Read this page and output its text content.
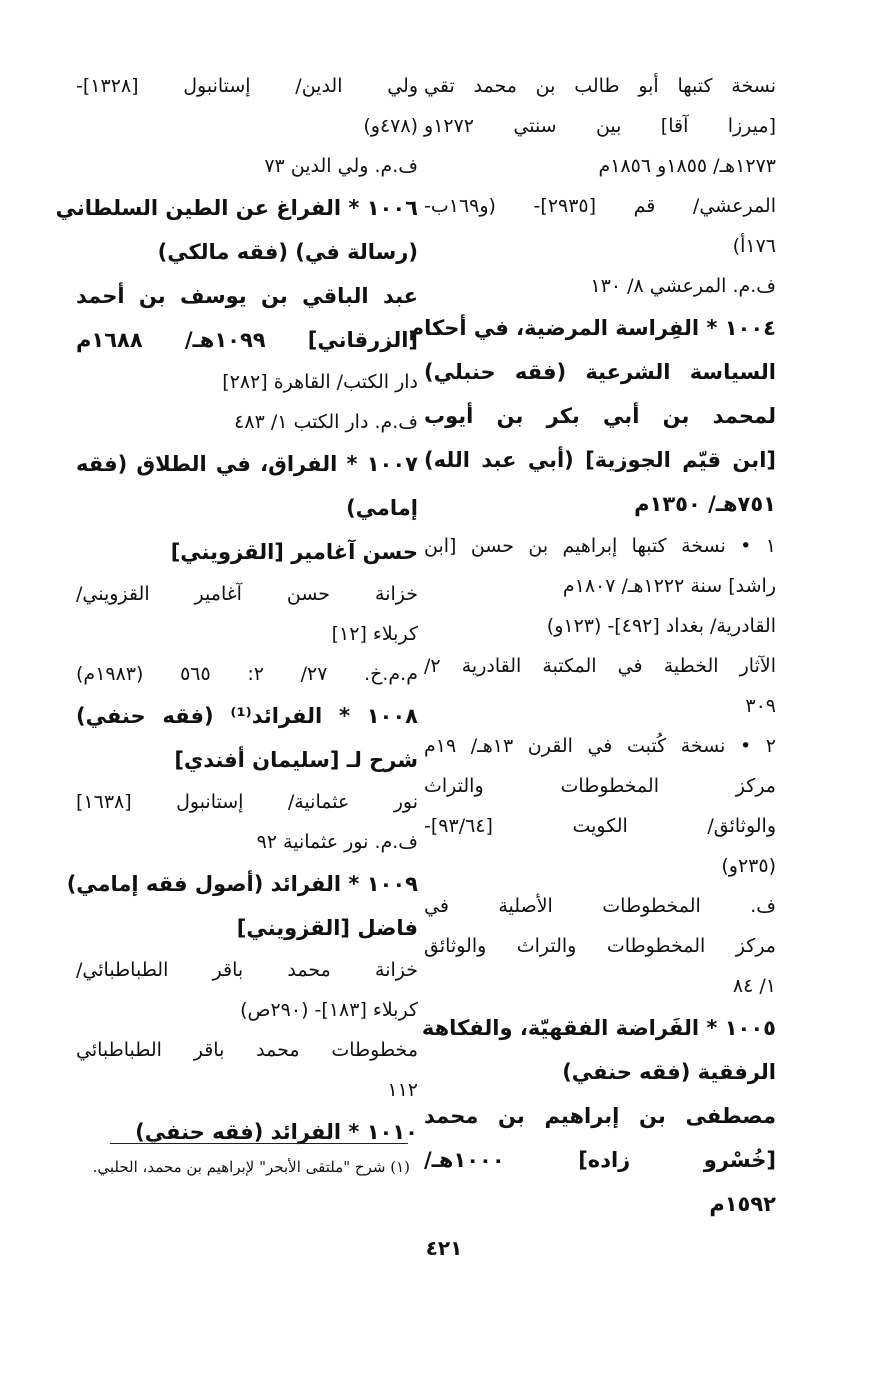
نسخة كتبها أبو طالب بن محمد تقي
[ميرزا آقا] بين سنتي ١٢٧٢و
١٢٧٣هـ/ ١٨٥٥و ١٨٥٦م
المرعشي/ قم [٢٩٣٥]- (و١٦٩ب-
١٧٦أ)
ف.م. المرعشي ٨/ ١٣٠
١٠٠٤ * الفِراسة المرضية، في أحكام
السياسة الشرعية (فقه حنبلي)
لمحمد بن أبي بكر بن أيوب
[ابن قيّم الجوزية] (أبي عبد الله)
٧٥١هـ/ ١٣٥٠م
١ • نسخة كتبها إبراهيم بن حسن [ابن
راشد] سنة ١٢٢٢هـ/ ١٨٠٧م
القادرية/ بغداد [٤٩٢]- (١٢٣و)
الآثار الخطية في المكتبة القادرية ٢/
٣٠٩
٢ • نسخة كُتبت في القرن ١٣هـ/ ١٩م
مركز المخطوطات والتراث
والوثائق/ الكويت [٩٣/٦٤]-
(٢٣٥و)
ف. المخطوطات الأصلية في
مركز المخطوطات والتراث والوثائق
١/ ٨٤
١٠٠٥ * الفَراضة الفقهيّة، والفكاهة
الرفقية (فقه حنفي)
مصطفى بن إبراهيم بن محمد
[خُسْرو زاده] ١٠٠٠هـ/
١٥٩٢م
ولي الدين/ إستانبول [١٣٢٨]-
(٤٧٨و)
ف.م. ولي الدين ٧٣
١٠٠٦ * الفراغ عن الطين السلطاني
(رسالة في) (فقه مالكي)
عبد الباقي بن يوسف بن أحمد
[الزرقاني] ١٠٩٩هـ/ ١٦٨٨م
دار الكتب/ القاهرة [٢٨٢]
ف.م. دار الكتب ١/ ٤٨٣
١٠٠٧ * الفراق، في الطلاق (فقه
إمامي)
حسن آغامير [القزويني]
خزانة حسن آغامير القزويني/
كربلاء [١٢]
م.م.خ. ٢٧/ ٢: ٥٦٥ (١٩٨٣م)
١٠٠٨ * الفرائد⁽¹⁾ (فقه حنفي)
شرح لـ [سليمان أفندي]
نور عثمانية/ إستانبول [١٦٣٨]
ف.م. نور عثمانية ٩٢
١٠٠٩ * الفرائد (أصول فقه إمامي)
فاضل [القزويني]
خزانة محمد باقر الطباطبائي/
كربلاء [١٨٣]- (٢٩٠ص)
مخطوطات محمد باقر الطباطبائي
١١٢
١٠١٠ * الفرائد (فقه حنفي)
(١) شرح "ملتقى الأبحر" لإبراهيم بن محمد، الحلبي.
٤٢١
